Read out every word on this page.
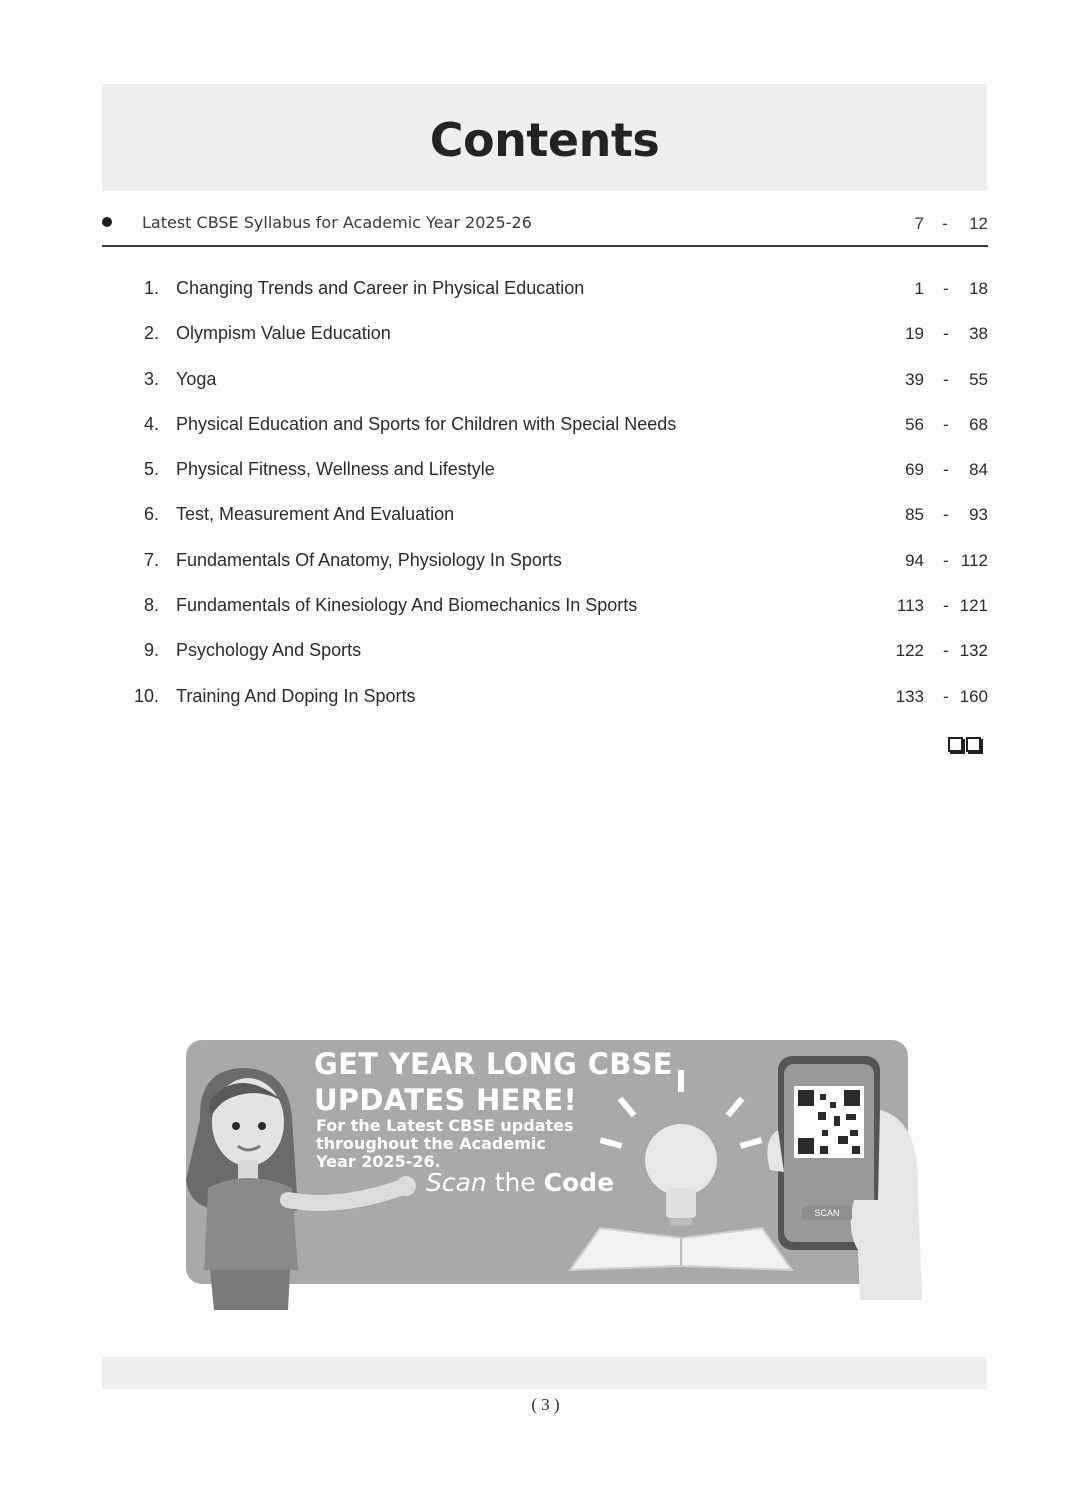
Contents
Latest CBSE Syllabus for Academic Year 2025-26	7 -	12
1. Changing Trends and Career in Physical Education	1 -	18
2. Olympism Value Education	19 -	38
3. Yoga	39 -	55
4. Physical Education and Sports for Children with Special Needs	56 -	68
5. Physical Fitness, Wellness and Lifestyle	69 -	84
6. Test, Measurement And Evaluation	85 -	93
7. Fundamentals Of Anatomy, Physiology In Sports	94 - 112
8. Fundamentals of Kinesiology And Biomechanics In Sports	113 - 121
9. Psychology And Sports	122 - 132
10. Training And Doping In Sports	133 - 160
GET YEAR LONG CBSE
UPDATES HERE!
For the Latest CBSE updates
throughout the Academic
Year 2025-26.
Scan the Code
SCAN
( 3 )
